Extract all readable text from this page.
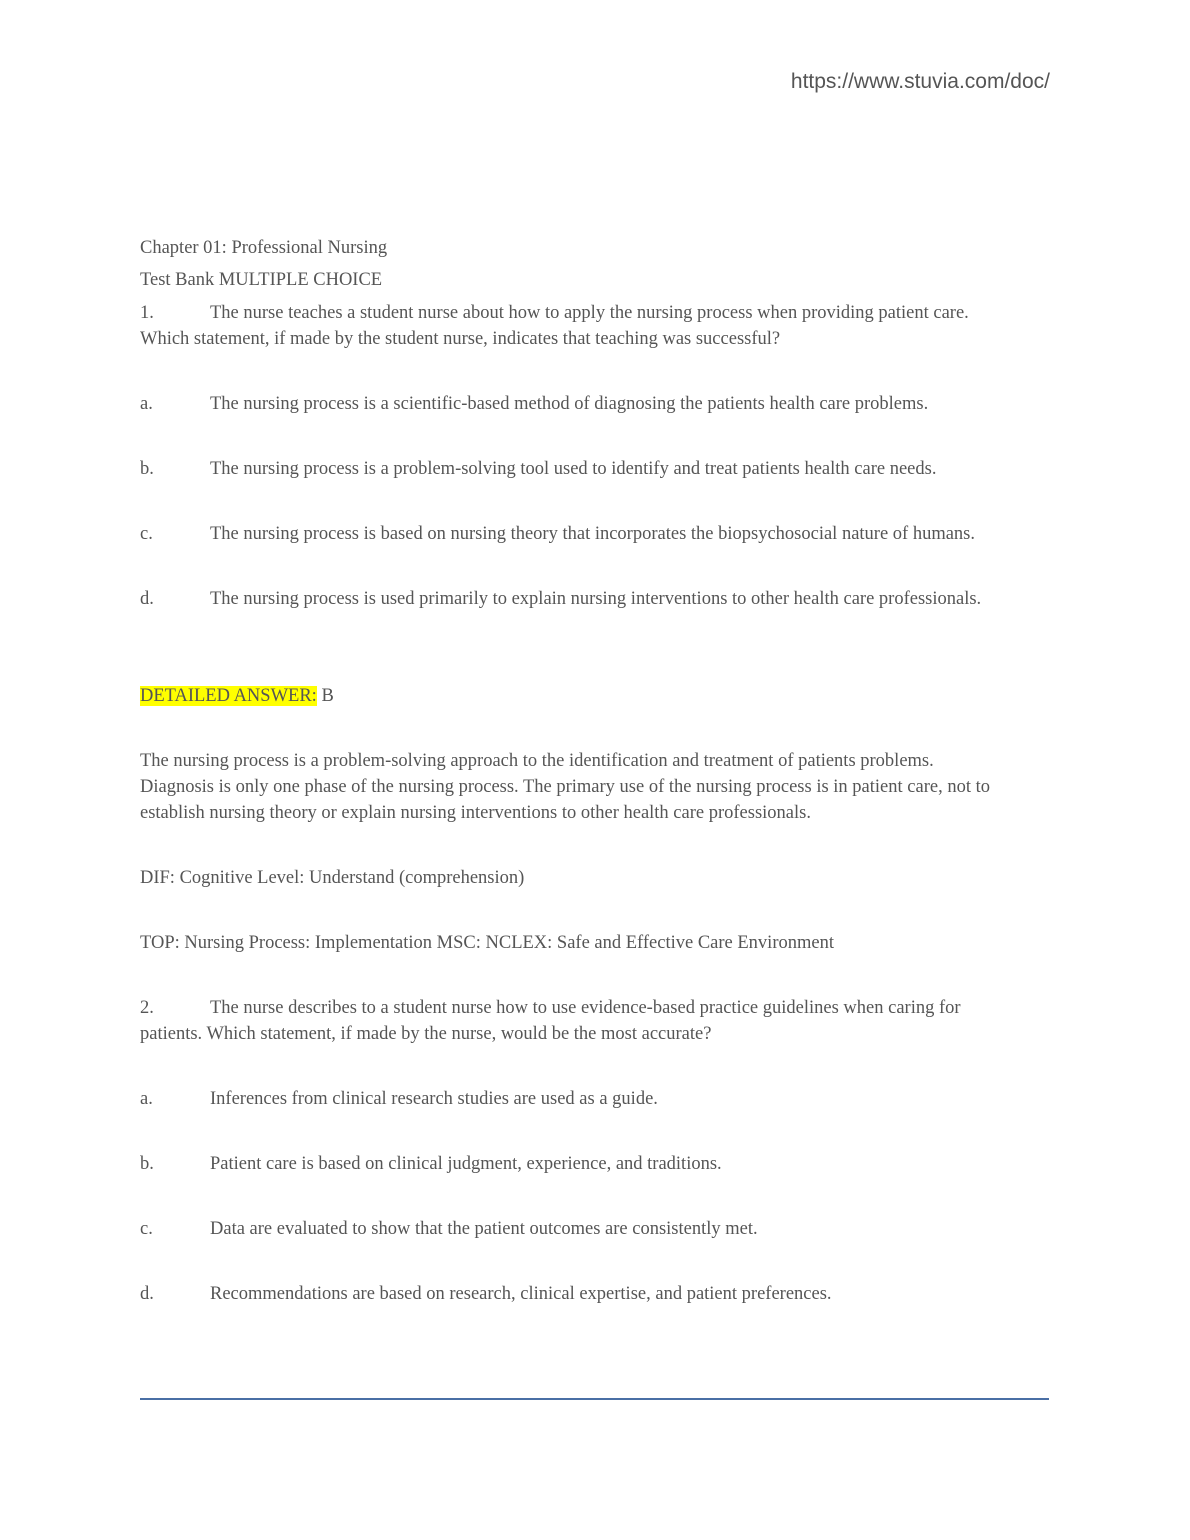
https://www.stuvia.com/doc/

Chapter 01: Professional Nursing

Test Bank MULTIPLE CHOICE

1.	The nurse teaches a student nurse about how to apply the nursing process when providing patient care.

Which statement, if made by the student nurse, indicates that teaching was successful?

a.	The nursing process is a scientific-based method of diagnosing the patients health care problems.

b.	The nursing process is a problem-solving tool used to identify and treat patients health care needs.

c.	The nursing process is based on nursing theory that incorporates the biopsychosocial nature of humans.

d.	The nursing process is used primarily to explain nursing interventions to other health care professionals.

DETAILED ANSWER: B

The nursing process is a problem-solving approach to the identification and treatment of patients problems.

Diagnosis is only one phase of the nursing process. The primary use of the nursing process is in patient care, not to

establish nursing theory or explain nursing interventions to other health care professionals.

DIF: Cognitive Level: Understand (comprehension)

TOP: Nursing Process: Implementation MSC: NCLEX: Safe and Effective Care Environment

2.	The nurse describes to a student nurse how to use evidence-based practice guidelines when caring for

patients. Which statement, if made by the nurse, would be the most accurate?

a.	Inferences from clinical research studies are used as a guide.

b.	Patient care is based on clinical judgment, experience, and traditions.

c.	Data are evaluated to show that the patient outcomes are consistently met.

d.	Recommendations are based on research, clinical expertise, and patient preferences.
